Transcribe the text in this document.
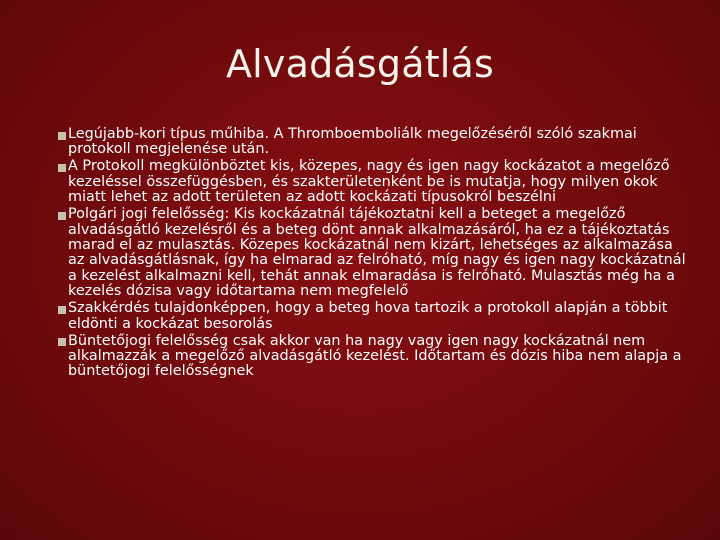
Alvadásgátlás
Legújabb-kori típus műhiba. A Thromboemboliálk megelőzéséről szóló szakmai protokoll megjelenése után.
A Protokoll megkülönböztet kis, közepes, nagy és igen nagy kockázatot a megelőző kezeléssel összefüggésben, és szakterületenként be is mutatja, hogy milyen okok miatt lehet az adott területen az adott kockázati típusokról beszélni
Polgári jogi felelősség: Kis kockázatnál tájékoztatni kell a beteget a megelőző alvadásgátló kezelésről és a beteg dönt annak alkalmazásáról, ha ez a tájékoztatás marad el az mulasztás. Közepes kockázatnál nem kizárt, lehetséges az alkalmazása az alvadásgátlásnak, így ha elmarad az felróható, míg nagy és igen nagy kockázatnál a kezelést alkalmazni kell, tehát annak elmaradása is felróható. Mulasztás még ha a kezelés dózisa vagy időtartama nem megfelelő
Szakkérdés tulajdonképpen, hogy a beteg hova tartozik a protokoll alapján a többit eldönti a kockázat besorolás
Büntetőjogi felelősség csak akkor van ha nagy vagy igen nagy kockázatnál nem alkalmazzák a megelőző alvadásgátló kezelést. Időtartam és dózis hiba nem alapja a büntetőjogi felelősségnek
